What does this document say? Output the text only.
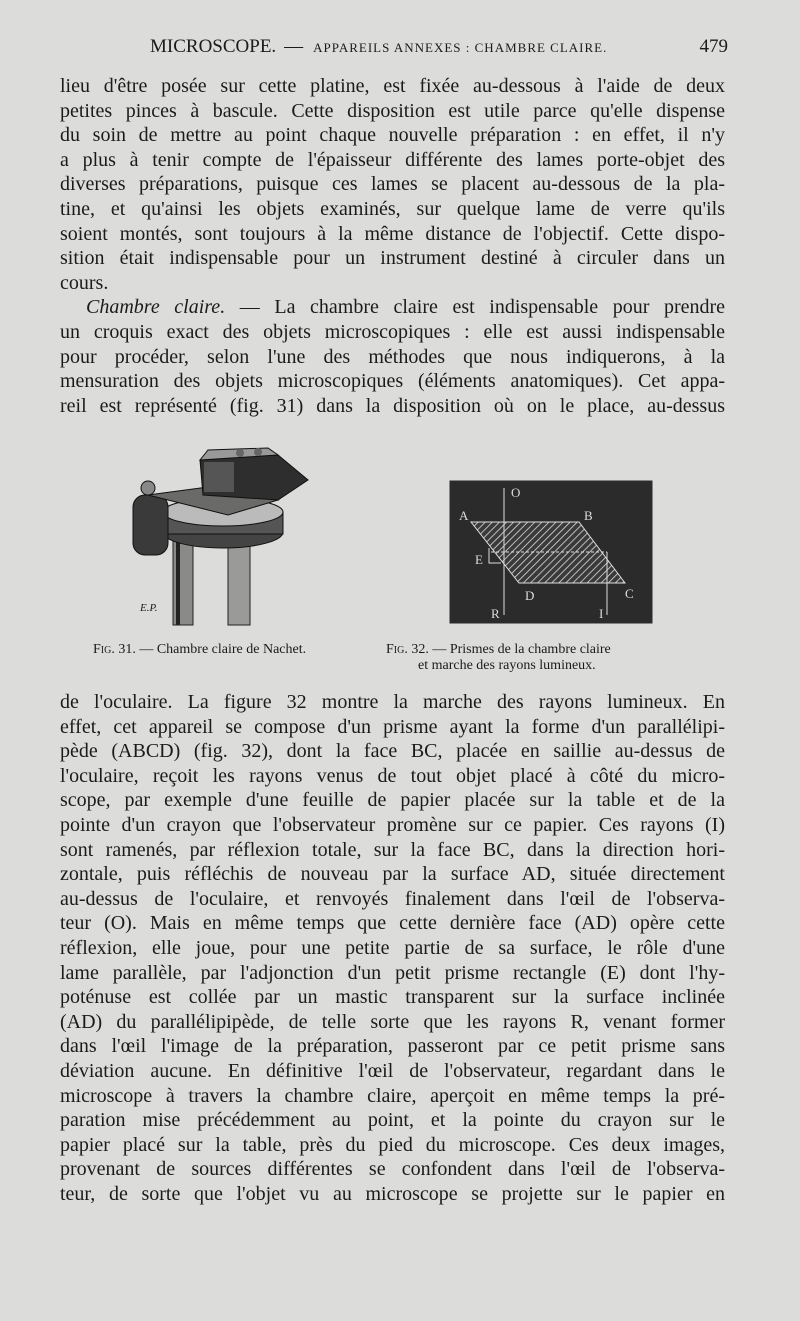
MICROSCOPE. — APPAREILS ANNEXES : CHAMBRE CLAIRE.	479
lieu d'être posée sur cette platine, est fixée au-dessous à l'aide de deux
petites pinces à bascule. Cette disposition est utile parce qu'elle dispense
du soin de mettre au point chaque nouvelle préparation : en effet, il n'y
a plus à tenir compte de l'épaisseur différente des lames porte-objet des
diverses préparations, puisque ces lames se placent au-dessous de la pla-
tine, et qu'ainsi les objets examinés, sur quelque lame de verre qu'ils
soient montés, sont toujours à la même distance de l'objectif. Cette dispo-
sition était indispensable pour un instrument destiné à circuler dans un
cours.
Chambre claire. — La chambre claire est indispensable pour prendre
un croquis exact des objets microscopiques : elle est aussi indispensable
pour procéder, selon l'une des méthodes que nous indiquerons, à la
mensuration des objets microscopiques (éléments anatomiques). Cet appa-
reil est représenté (fig. 31) dans la disposition où on le place, au-dessus
E.P.
Fig. 31. — Chambre claire de Nachet.
A	B
C
D
E
O
R	I
Fig. 32. — Prismes de la chambre claire
et marche des rayons lumineux.
de l'oculaire. La figure 32 montre la marche des rayons lumineux. En
effet, cet appareil se compose d'un prisme ayant la forme d'un parallélipi-
pède (ABCD) (fig. 32), dont la face BC, placée en saillie au-dessus de
l'oculaire, reçoit les rayons venus de tout objet placé à côté du micro-
scope, par exemple d'une feuille de papier placée sur la table et de la
pointe d'un crayon que l'observateur promène sur ce papier. Ces rayons (I)
sont ramenés, par réflexion totale, sur la face BC, dans la direction hori-
zontale, puis réfléchis de nouveau par la surface AD, située directement
au-dessus de l'oculaire, et renvoyés finalement dans l'œil de l'observa-
teur (O). Mais en même temps que cette dernière face (AD) opère cette
réflexion, elle joue, pour une petite partie de sa surface, le rôle d'une
lame parallèle, par l'adjonction d'un petit prisme rectangle (E) dont l'hy-
poténuse est collée par un mastic transparent sur la surface inclinée
(AD) du parallélipipède, de telle sorte que les rayons R, venant former
dans l'œil l'image de la préparation, passeront par ce petit prisme sans
déviation aucune. En définitive l'œil de l'observateur, regardant dans le
microscope à travers la chambre claire, aperçoit en même temps la pré-
paration mise précédemment au point, et la pointe du crayon sur le
papier placé sur la table, près du pied du microscope. Ces deux images,
provenant de sources différentes se confondent dans l'œil de l'observa-
teur, de sorte que l'objet vu au microscope se projette sur le papier en
